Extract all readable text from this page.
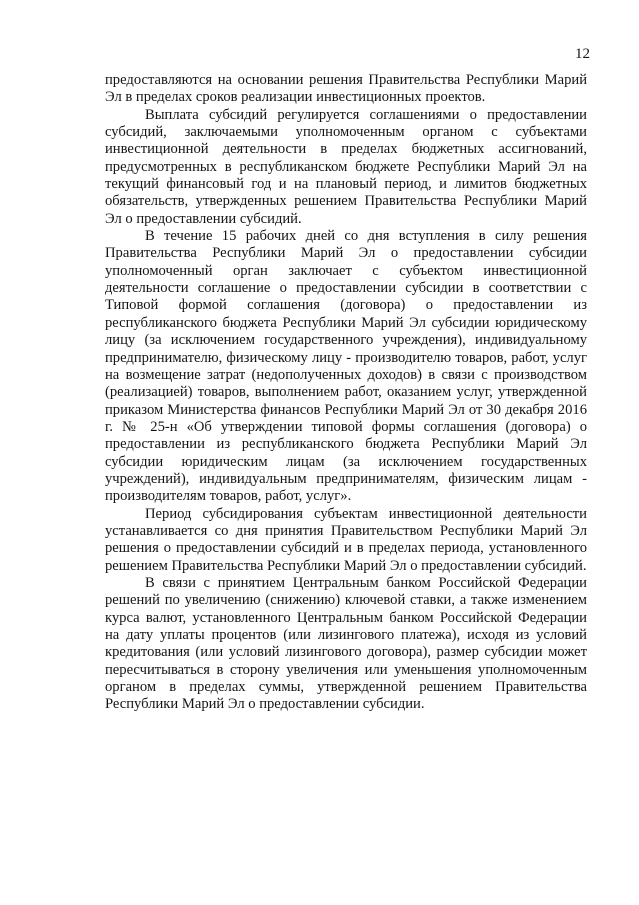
12

предоставляются на основании решения Правительства Республики Марий Эл в пределах сроков реализации инвестиционных проектов.

Выплата субсидий регулируется соглашениями о предоставлении субсидий, заключаемыми уполномоченным органом с субъектами инвестиционной деятельности в пределах бюджетных ассигнований, предусмотренных в республиканском бюджете Республики Марий Эл на текущий финансовый год и на плановый период, и лимитов бюджетных обязательств, утвержденных решением Правительства Республики Марий Эл о предоставлении субсидий.

В течение 15 рабочих дней со дня вступления в силу решения Правительства Республики Марий Эл о предоставлении субсидии уполномоченный орган заключает с субъектом инвестиционной деятельности соглашение о предоставлении субсидии в соответствии с Типовой формой соглашения (договора) о предоставлении из республиканского бюджета Республики Марий Эл субсидии юридическому лицу (за исключением государственного учреждения), индивидуальному предпринимателю, физическому лицу - производителю товаров, работ, услуг на возмещение затрат (недополученных доходов) в связи с производством (реализацией) товаров, выполнением работ, оказанием услуг, утвержденной приказом Министерства финансов Республики Марий Эл от 30 декабря 2016 г. № 25-н «Об утверждении типовой формы соглашения (договора) о предоставлении из республиканского бюджета Республики Марий Эл субсидии юридическим лицам (за исключением государственных учреждений), индивидуальным предпринимателям, физическим лицам - производителям товаров, работ, услуг».

Период субсидирования субъектам инвестиционной деятельности устанавливается со дня принятия Правительством Республики Марий Эл решения о предоставлении субсидий и в пределах периода, установленного решением Правительства Республики Марий Эл о предоставлении субсидий.

В связи с принятием Центральным банком Российской Федерации решений по увеличению (снижению) ключевой ставки, а также изменением курса валют, установленного Центральным банком Российской Федерации на дату уплаты процентов (или лизингового платежа), исходя из условий кредитования (или условий лизингового договора), размер субсидии может пересчитываться в сторону увеличения или уменьшения уполномоченным органом в пределах суммы, утвержденной решением Правительства Республики Марий Эл о предоставлении субсидии.
